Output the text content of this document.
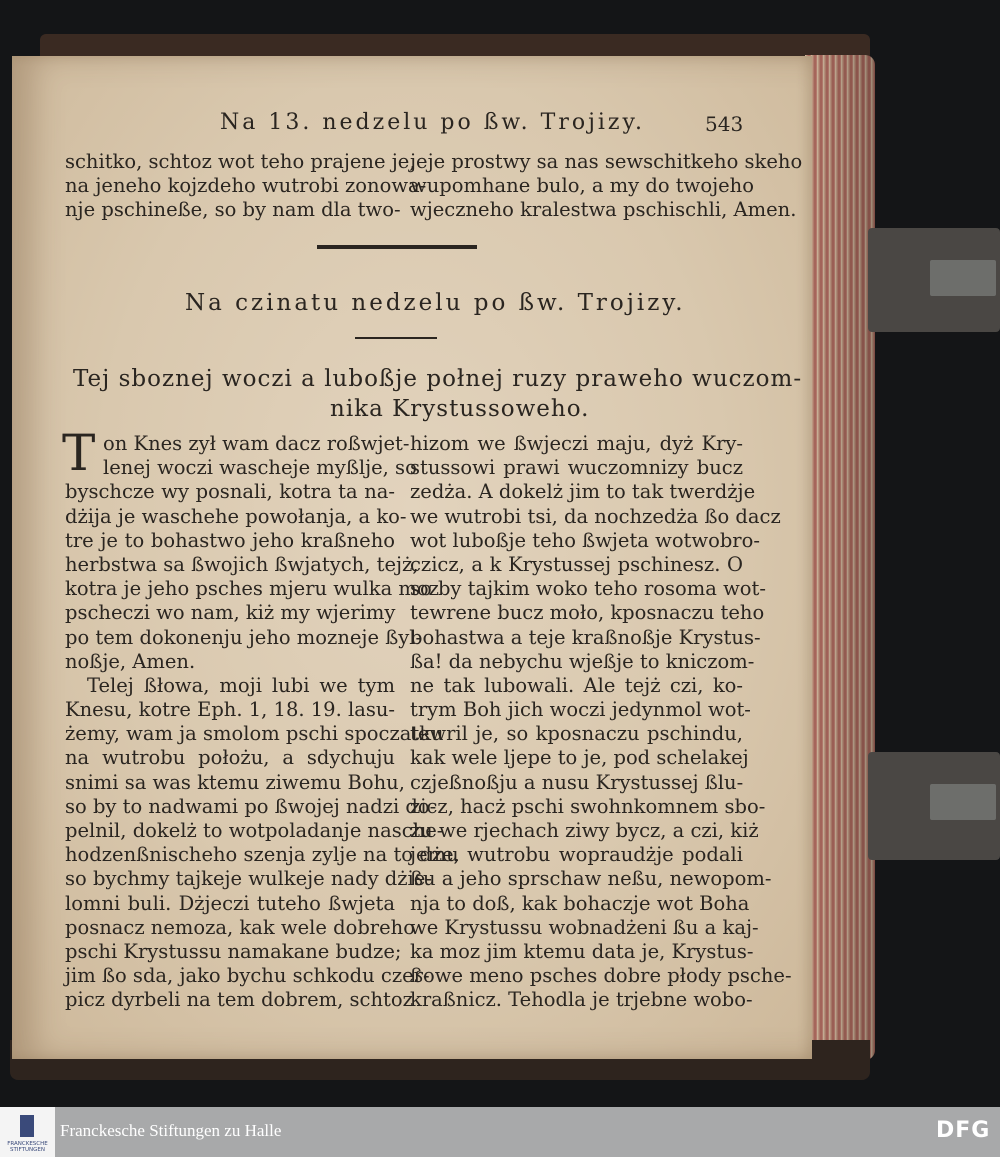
Na 13. nedzelu po ßw. Trojizy.	543
schitko, schtoz wot teho prajene je,
na jeneho kojzdeho wutrobi zonowa-
nje pschineße, so by nam dla two-
jeje prostwy sa nas sewschitkeho skeho
wupomhane bulo, a my do twojeho
wjeczneho kralestwa pschischli, Amen.
Na czinatu nedzelu po ßw. Trojizy.
Tej sboznej woczi a luboßje połnej ruzy praweho wuczom-
nika Krystussoweho.
T on Knes zył wam dacz roßwjet-
lenej woczi wascheje myßlje, so
byschcze wy posnali, kotra ta na-
dżija je waschehe powołanja, a ko-
tre je to bohastwo jeho kraßneho
herbstwa sa ßwojich ßwjatych, tejż,
kotra je jeho psches mjeru wulka moz
pscheczi wo nam, kiż my wjerimy
po tem dokonenju jeho mozneje ßyl-
noßje, Amen.
Telej ßłowa, moji lubi we tym
Knesu, kotre Eph. 1, 18. 19. lasu-
żemy, wam ja smolom pschi spoczatku
na wutrobu położu, a sdychuju
snimi sa was ktemu ziwemu Bohu,
so by to nadwami po ßwojej nadzi do-
pelnil, dokelż to wotpoladanje nasche-
hodzenßnischeho szenja zylje na to dże,
so bychmy tajkeje wulkeje nady dżie-
lomni buli. Dżjeczi tuteho ßwjeta
posnacz nemoza, kak wele dobreho
pschi Krystussu namakane budze;
jim ßo sda, jako bychu schkodu czer-
picz dyrbeli na tem dobrem, schtoz
hizom we ßwjeczi maju, dyż Kry-
stussowi prawi wuczomnizy bucz
zedża. A dokelż jim to tak twerdżje
we wutrobi tsi, da nochzedża ßo dacz
wot luboßje teho ßwjeta wotwobro-
czicz, a k Krystussej pschinesz. O
so by tajkim woko teho rosoma wot-
tewrene bucz moło, kposnaczu teho
bohastwa a teje kraßnoßje Krystus-
ßa! da nebychu wjeßje to kniczom-
ne tak lubowali. Ale tejż czi, ko-
trym Boh jich woczi jedynmol wot-
tewril je, so kposnaczu pschindu,
kak wele ljepe to je, pod schelakej
czjeßnoßju a nusu Krystussej ßlu-
zicz, hacż pschi swohnkomnem sbo-
żu we rjechach ziwy bycz, a czi, kiż
jemu wutrobu wopraudżje podali
ßu a jeho sprschaw neßu, newopom-
nja to doß, kak bohaczje wot Boha
we Krystussu wobnadżeni ßu a kaj-
ka moz jim ktemu data je, Krystus-
ßowe meno psches dobre płody psche-
kraßnicz. Tehodla je trjebne wobo-
FRANCKESCHE STIFTUNGEN
Franckesche Stiftungen zu Halle	DFG
